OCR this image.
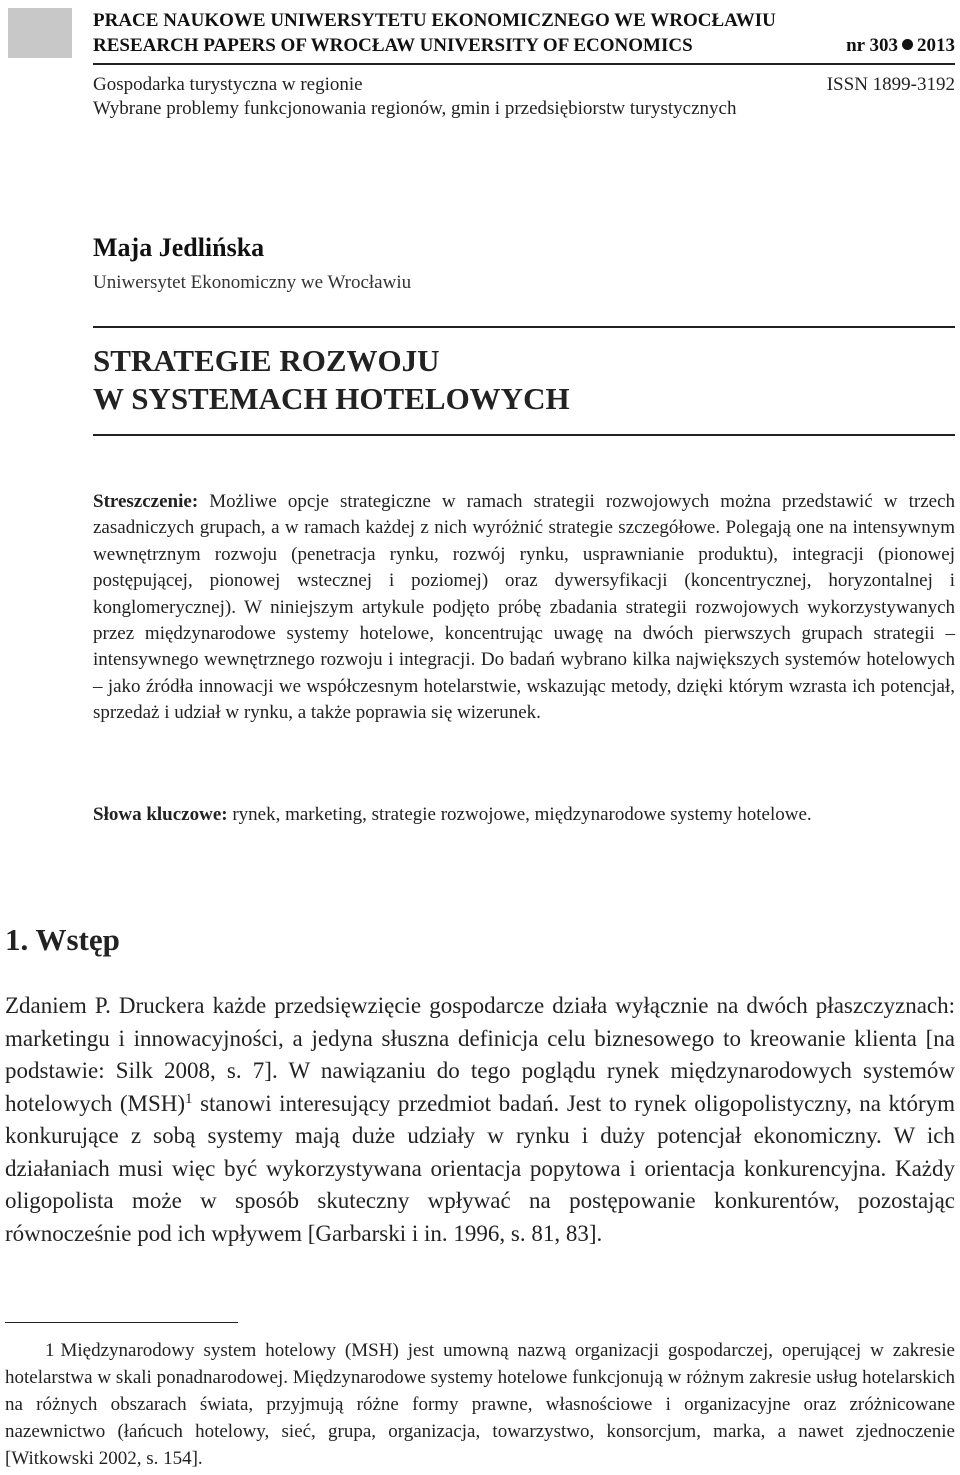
PRACE NAUKOWE UNIWERSYTETU EKONOMICZNEGO WE WROCŁAWIU
RESEARCH PAPERS OF WROCŁAW UNIVERSITY OF ECONOMICS	nr 303 2013
Gospodarka turystyczna w regionie	ISSN 1899-3192
Wybrane problemy funkcjonowania regionów, gmin i przedsiębiorstw turystycznych
Maja Jedlińska
Uniwersytet Ekonomiczny we Wrocławiu
STRATEGIE ROZWOJU
W SYSTEMACH HOTELOWYCH
Streszczenie: Możliwe opcje strategiczne w ramach strategii rozwojowych można przedstawić w trzech zasadniczych grupach, a w ramach każdej z nich wyróżnić strategie szczegółowe. Polegają one na intensywnym wewnętrznym rozwoju (penetracja rynku, rozwój rynku, usprawnianie produktu), integracji (pionowej postępującej, pionowej wstecznej i poziomej) oraz dywersyfikacji (koncentrycznej, horyzontalnej i konglomerycznej). W niniejszym artykule podjęto próbę zbadania strategii rozwojowych wykorzystywanych przez międzynarodowe systemy hotelowe, koncentrując uwagę na dwóch pierwszych grupach strategii – intensywnego wewnętrznego rozwoju i integracji. Do badań wybrano kilka największych systemów hotelowych – jako źródła innowacji we współczesnym hotelarstwie, wskazując metody, dzięki którym wzrasta ich potencjał, sprzedaż i udział w rynku, a także poprawia się wizerunek.
Słowa kluczowe: rynek, marketing, strategie rozwojowe, międzynarodowe systemy hotelowe.
1. Wstęp
Zdaniem P. Druckera każde przedsięwzięcie gospodarcze działa wyłącznie na dwóch płaszczyznach: marketingu i innowacyjności, a jedyna słuszna definicja celu biznesowego to kreowanie klienta [na podstawie: Silk 2008, s. 7]. W nawiązaniu do tego poglądu rynek międzynarodowych systemów hotelowych (MSH)$^1$ stanowi interesujący przedmiot badań. Jest to rynek oligopolistyczny, na którym konkurujące z sobą systemy mają duże udziały w rynku i duży potencjał ekonomiczny. W ich działaniach musi więc być wykorzystywana orientacja popytowa i orientacja konkurencyjna. Każdy oligopolista może w sposób skuteczny wpływać na postępowanie konkurentów, pozostając równocześnie pod ich wpływem [Garbarski i in. 1996, s. 81, 83].
1 Międzynarodowy system hotelowy (MSH) jest umowną nazwą organizacji gospodarczej, operującej w zakresie hotelarstwa w skali ponadnarodowej. Międzynarodowe systemy hotelowe funkcjonują w różnym zakresie usług hotelarskich na różnych obszarach świata, przyjmują różne formy prawne, własnościowe i organizacyjne oraz zróżnicowane nazewnictwo (łańcuch hotelowy, sieć, grupa, organizacja, towarzystwo, konsorcjum, marka, a nawet zjednoczenie [Witkowski 2002, s. 154].
